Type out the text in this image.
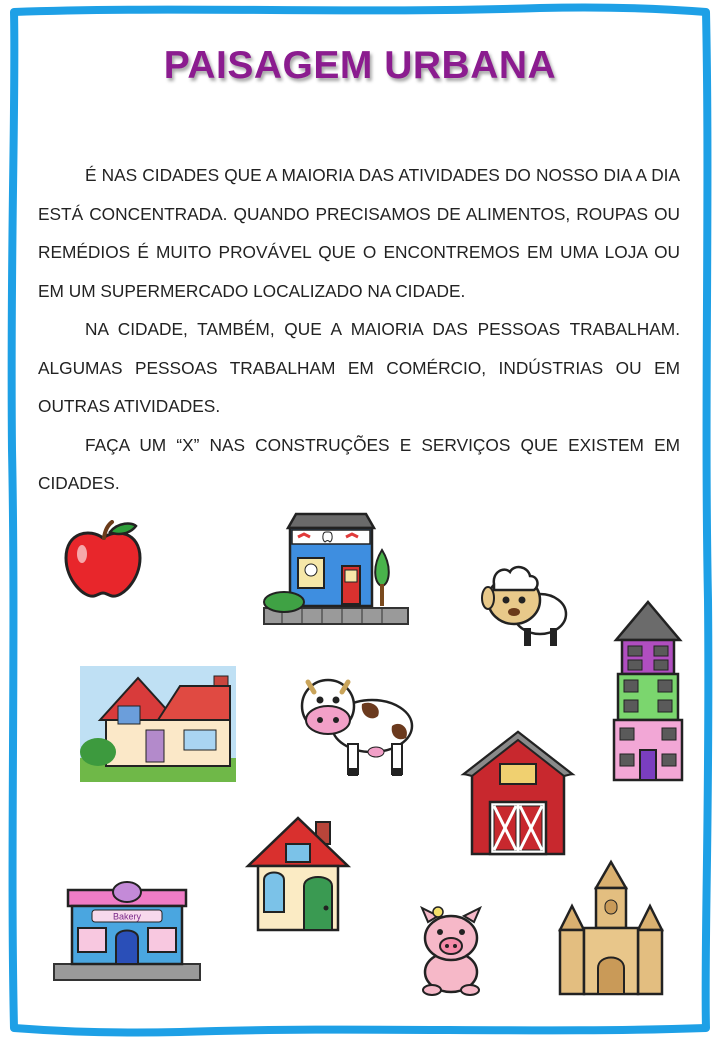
PAISAGEM URBANA

É NAS CIDADES QUE A MAIORIA DAS ATIVIDADES DO NOSSO DIA A DIA ESTÁ CONCENTRADA. QUANDO PRECISAMOS DE ALIMENTOS, ROUPAS OU REMÉDIOS É MUITO PROVÁVEL QUE O ENCONTREMOS EM UMA LOJA OU EM UM SUPERMERCADO LOCALIZADO NA CIDADE.

NA CIDADE, TAMBÉM, QUE A MAIORIA DAS PESSOAS TRABALHAM. ALGUMAS PESSOAS TRABALHAM EM COMÉRCIO, INDÚSTRIAS OU EM OUTRAS ATIVIDADES.

FAÇA UM “X” NAS CONSTRUÇÕES E SERVIÇOS QUE EXISTEM EM CIDADES.

Bakery
